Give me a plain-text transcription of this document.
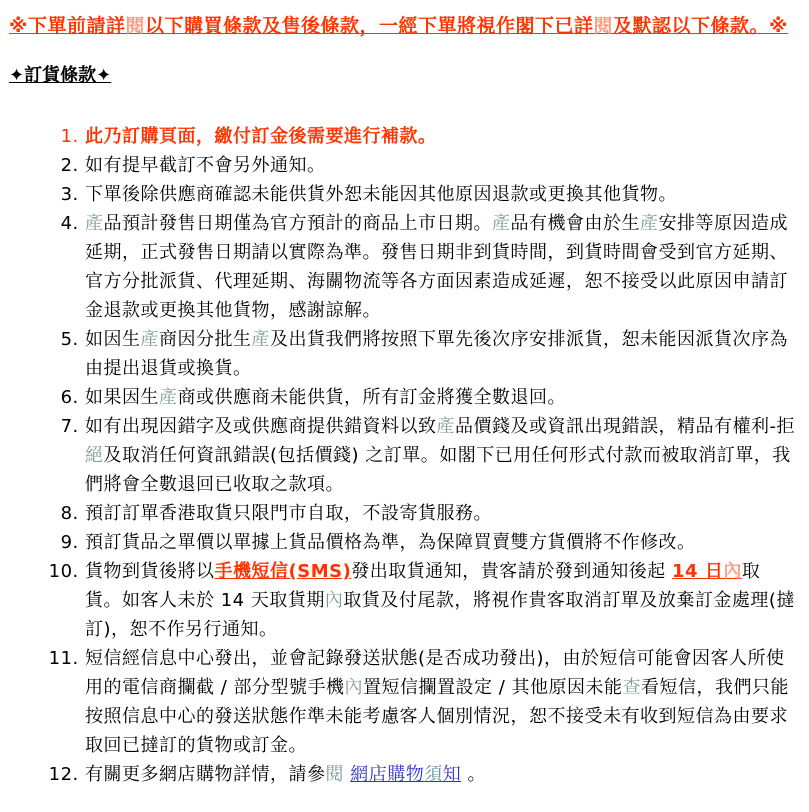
※下單前請詳閱以下購買條款及售後條款，一經下單將視作閣下已詳閱及默認以下條款。※
✦訂貨條款✦
1. 此乃訂購頁面，繳付訂金後需要進行補款。
2. 如有提早截訂不會另外通知。
3. 下單後除供應商確認未能供貨外恕未能因其他原因退款或更換其他貨物。
4. 產品預計發售日期僅為官方預計的商品上市日期。產品有機會由於生產安排等原因造成延期，正式發售日期請以實際為準。發售日期非到貨時間，到貨時間會受到官方延期、官方分批派貨、代理延期、海關物流等各方面因素造成延遲，恕不接受以此原因申請訂金退款或更換其他貨物，感謝諒解。
5. 如因生產商因分批生產及出貨我們將按照下單先後次序安排派貨，恕未能因派貨次序為由提出退貨或換貨。
6. 如果因生產商或供應商未能供貨，所有訂金將獲全數退回。
7. 如有出現因錯字及或供應商提供錯資料以致產品價錢及或資訊出現錯誤，精品有權利-拒絕及取消任何資訊錯誤(包括價錢) 之訂單。如閣下已用任何形式付款而被取消訂單，我們將會全數退回已收取之款項。
8. 預訂訂單香港取貨只限門市自取，不設寄貨服務。
9. 預訂貨品之單價以單據上貨品價格為準，為保障買賣雙方貨價將不作修改。
10. 貨物到貨後將以手機短信(SMS)發出取貨通知，貴客請於發到通知後起 14 日內取貨。如客人未於 14 天取貨期內取貨及付尾款，將視作貴客取消訂單及放棄訂金處理(撻訂)，恕不作另行通知。
11. 短信經信息中心發出，並會記錄發送狀態(是否成功發出)，由於短信可能會因客人所使用的電信商攔截 / 部分型號手機內置短信攔置設定 / 其他原因未能查看短信，我們只能按照信息中心的發送狀態作準未能考慮客人個別情況，恕不接受未有收到短信為由要求取回已撻訂的貨物或訂金。
12. 有關更多網店購物詳情，請參閱 網店購物須知 。
